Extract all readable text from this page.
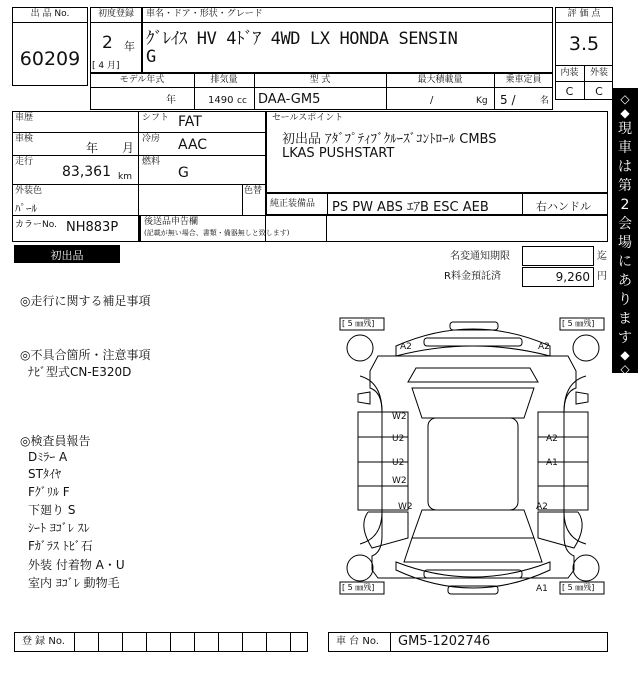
出 品 No.
60209
初度登録
2 年
[ 4 月]
車名・ドア・形状・グレード
ｸﾞﾚｲｽ HV 4ﾄﾞｱ 4WD LX HONDA SENSIN
G
評 価 点
3.5
内装	外装
C	C
モデル年式
年
排気量
1490 cc
型 式
DAA-GM5
最大積載量
/	Kg
乗車定員
5 /	名
車歴	シフト FAT
車検
年 月
冷房 AAC
走行
83,361 km
燃料
G
外装色
ﾊﾟｰﾙ
色替
カラーNo. NH883P	後送品申告欄
(記載が無い場合、書類・備器無しと致します)
セールスポイント
初出品 ｱﾀﾞﾌﾟﾃｨﾌﾞｸﾙｰｽﾞｺﾝﾄﾛｰﾙ CMBS
LKAS PUSHSTART
純正装備品 PS PW ABS ｴｱB ESC AEB	右ハンドル
初出品	名変通知期限	迄
R料金預託済	9,260 円
◇
◆
現
車
は
第
2
会
場
に
あ
り
ま
す
◆
◇
◎走行に関する補足事項
◎不具合箇所・注意事項
ﾅﾋﾞ型式CN-E320D
◎検査員報告
Dﾐﾗｰ A
STﾀｲﾔ
Fｸﾞﾘﾙ F
下廻り S
ｼｰﾄ ﾖｺﾞﾚ ｽﾚ
Fｶﾞﾗｽ ﾄﾋﾞ石
外装 付着物 A・U
室内 ﾖｺﾞﾚ 動物毛
[ 5 ㎜残]	[ 5 ㎜残]
[ 5 ㎜残]	[ 5 ㎜残]
A2	A2
W2
U2
U2
W2
W2
A2
A1
A2
A1
登 録 No.	車 台 No. GM5-1202746
